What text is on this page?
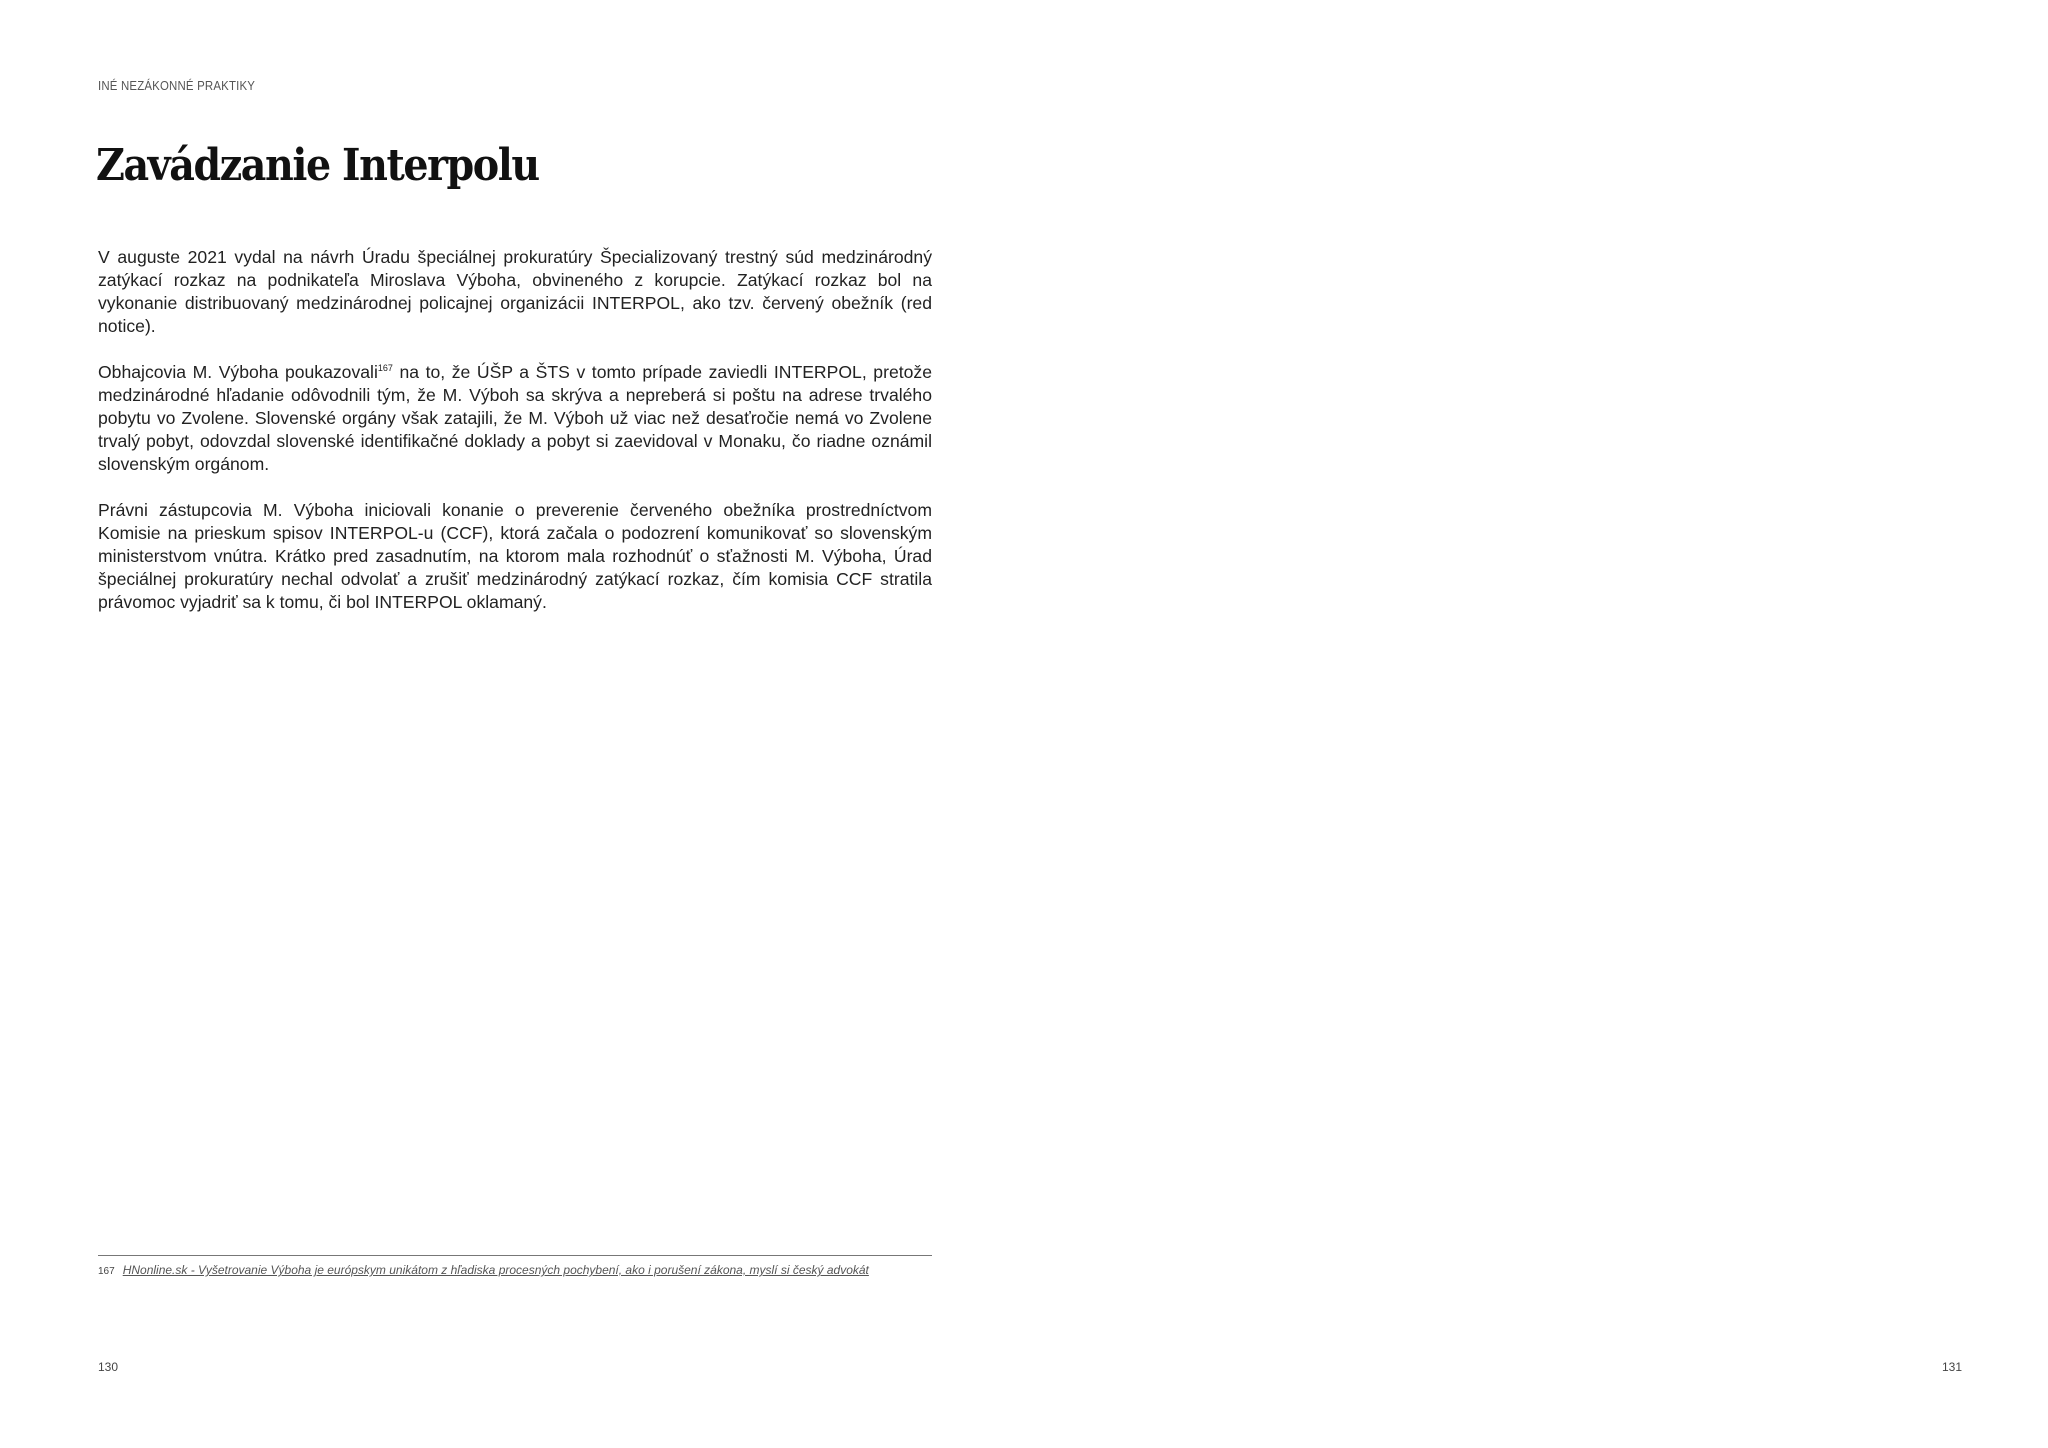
INÉ NEZÁKONNÉ PRAKTIKY
Zavádzanie Interpolu

V auguste 2021 vydal na návrh Úradu špeciálnej prokuratúry Špecializovaný trestný súd medzinárodný zatýkací rozkaz na podnikateľa Miroslava Výboha, obvineného z korupcie. Zatýkací rozkaz bol na vykonanie distribuovaný medzinárodnej policajnej organizácii INTERPOL, ako tzv. červený obežník (red notice).

Obhajcovia M. Výboha poukazovali$^{167}$ na to, že ÚŠP a ŠTS v tomto prípade zaviedli INTERPOL, pretože medzinárodné hľadanie odôvodnili tým, že M. Výboh sa skrýva a nepreberá si poštu na adrese trvalého pobytu vo Zvolene. Slovenské orgány však zatajili, že M. Výboh už viac než desaťročie nemá vo Zvolene trvalý pobyt, odovzdal slovenské identifikačné doklady a pobyt si zaevidoval v Monaku, čo riadne oznámil slovenským orgánom.

Právni zástupcovia M. Výboha iniciovali konanie o preverenie červeného obežníka prostredníctvom Komisie na prieskum spisov INTERPOL-u (CCF), ktorá začala o podozrení komunikovať so slovenským ministerstvom vnútra. Krátko pred zasadnutím, na ktorom mala rozhodnúť o sťažnosti M. Výboha, Úrad špeciálnej prokuratúry nechal odvolať a zrušiť medzinárodný zatýkací rozkaz, čím komisia CCF stratila právomoc vyjadriť sa k tomu, či bol INTERPOL oklamaný.

167 HNonline.sk - Vyšetrovanie Výboha je európskym unikátom z hľadiska procesných pochybení, ako i porušení zákona, myslí si český advokát
130	131
